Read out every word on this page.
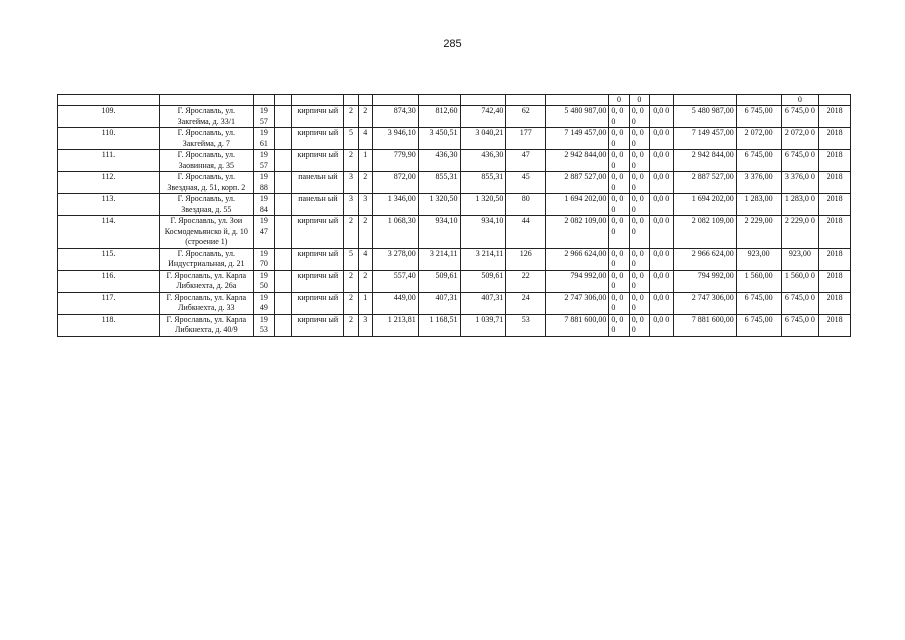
285
												0	0				0	
109.	Г. Ярославль, ул. Закгейма, д. 33/1	19 57		кирпичн ый	2	2	874,30	812,60	742,40	62	5 480 987,00	0, 0 0	0, 0 0	0,0 0	5 480 987,00	6 745,00	6 745,0 0	2018
110.	Г. Ярославль, ул. Закгейма, д. 7	19 61		кирпичн ый	5	4	3 946,10	3 450,51	3 040,21	177	7 149 457,00	0, 0 0	0, 0 0	0,0 0	7 149 457,00	2 072,00	2 072,0 0	2018
111.	Г. Ярославль, ул. Заовинная, д. 35	19 57		кирпичн ый	2	1	779,90	436,30	436,30	47	2 942 844,00	0, 0 0	0, 0 0	0,0 0	2 942 844,00	6 745,00	6 745,0 0	2018
112.	Г. Ярославль, ул. Звездная, д. 51, корп. 2	19 88		панельн ый	3	2	872,00	855,31	855,31	45	2 887 527,00	0, 0 0	0, 0 0	0,0 0	2 887 527,00	3 376,00	3 376,0 0	2018
113.	Г. Ярославль, ул. Звездная, д. 55	19 84		панельн ый	3	3	1 346,00	1 320,50	1 320,50	80	1 694 202,00	0, 0 0	0, 0 0	0,0 0	1 694 202,00	1 283,00	1 283,0 0	2018
114.	Г. Ярославль, ул. Зои Космодемьянско й, д. 10 (строение 1)	19 47		кирпичн ый	2	2	1 068,30	934,10	934,10	44	2 082 109,00	0, 0 0	0, 0 0	0,0 0	2 082 109,00	2 229,00	2 229,0 0	2018
115.	Г. Ярославль, ул. Индустриальная, д. 21	19 70		кирпичн ый	5	4	3 278,00	3 214,11	3 214,11	126	2 966 624,00	0, 0 0	0, 0 0	0,0 0	2 966 624,00	923,00	923,00	2018
116.	Г. Ярославль, ул. Карла Либкнехта, д. 26а	19 50		кирпичн ый	2	2	557,40	509,61	509,61	22	794 992,00	0, 0 0	0, 0 0	0,0 0	794 992,00	1 560,00	1 560,0 0	2018
117.	Г. Ярославль, ул. Карла Либкнехта, д. 33	19 49		кирпичн ый	2	1	449,00	407,31	407,31	24	2 747 306,00	0, 0 0	0, 0 0	0,0 0	2 747 306,00	6 745,00	6 745,0 0	2018
118.	Г. Ярославль, ул. Карла Либкнехта, д. 40/9	19 53		кирпичн ый	2	3	1 213,81	1 168,51	1 039,71	53	7 881 600,00	0, 0 0	0, 0 0	0,0 0	7 881 600,00	6 745,00	6 745,0 0	2018
